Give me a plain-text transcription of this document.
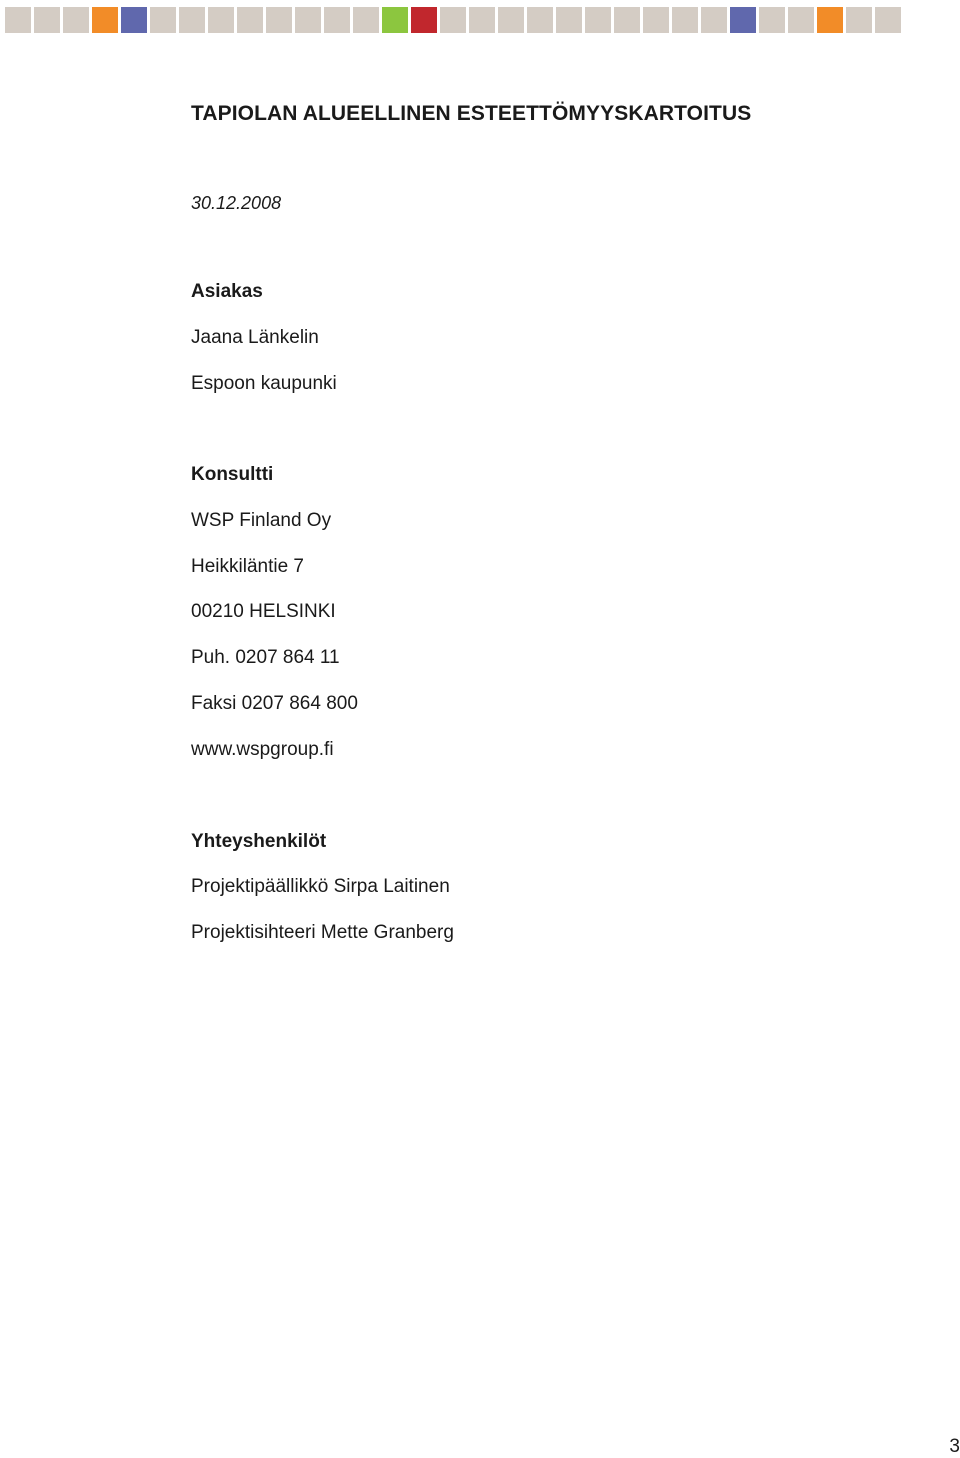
TAPIOLAN ALUEELLINEN ESTEETTÖMYYSKARTOITUS
30.12.2008
Asiakas
Jaana Länkelin
Espoon kaupunki
Konsultti
WSP Finland Oy
Heikkiläntie 7
00210 HELSINKI
Puh. 0207 864 11
Faksi 0207 864 800
www.wspgroup.fi
Yhteyshenkilöt
Projektipäällikkö Sirpa Laitinen
Projektisihteeri Mette Granberg
3
